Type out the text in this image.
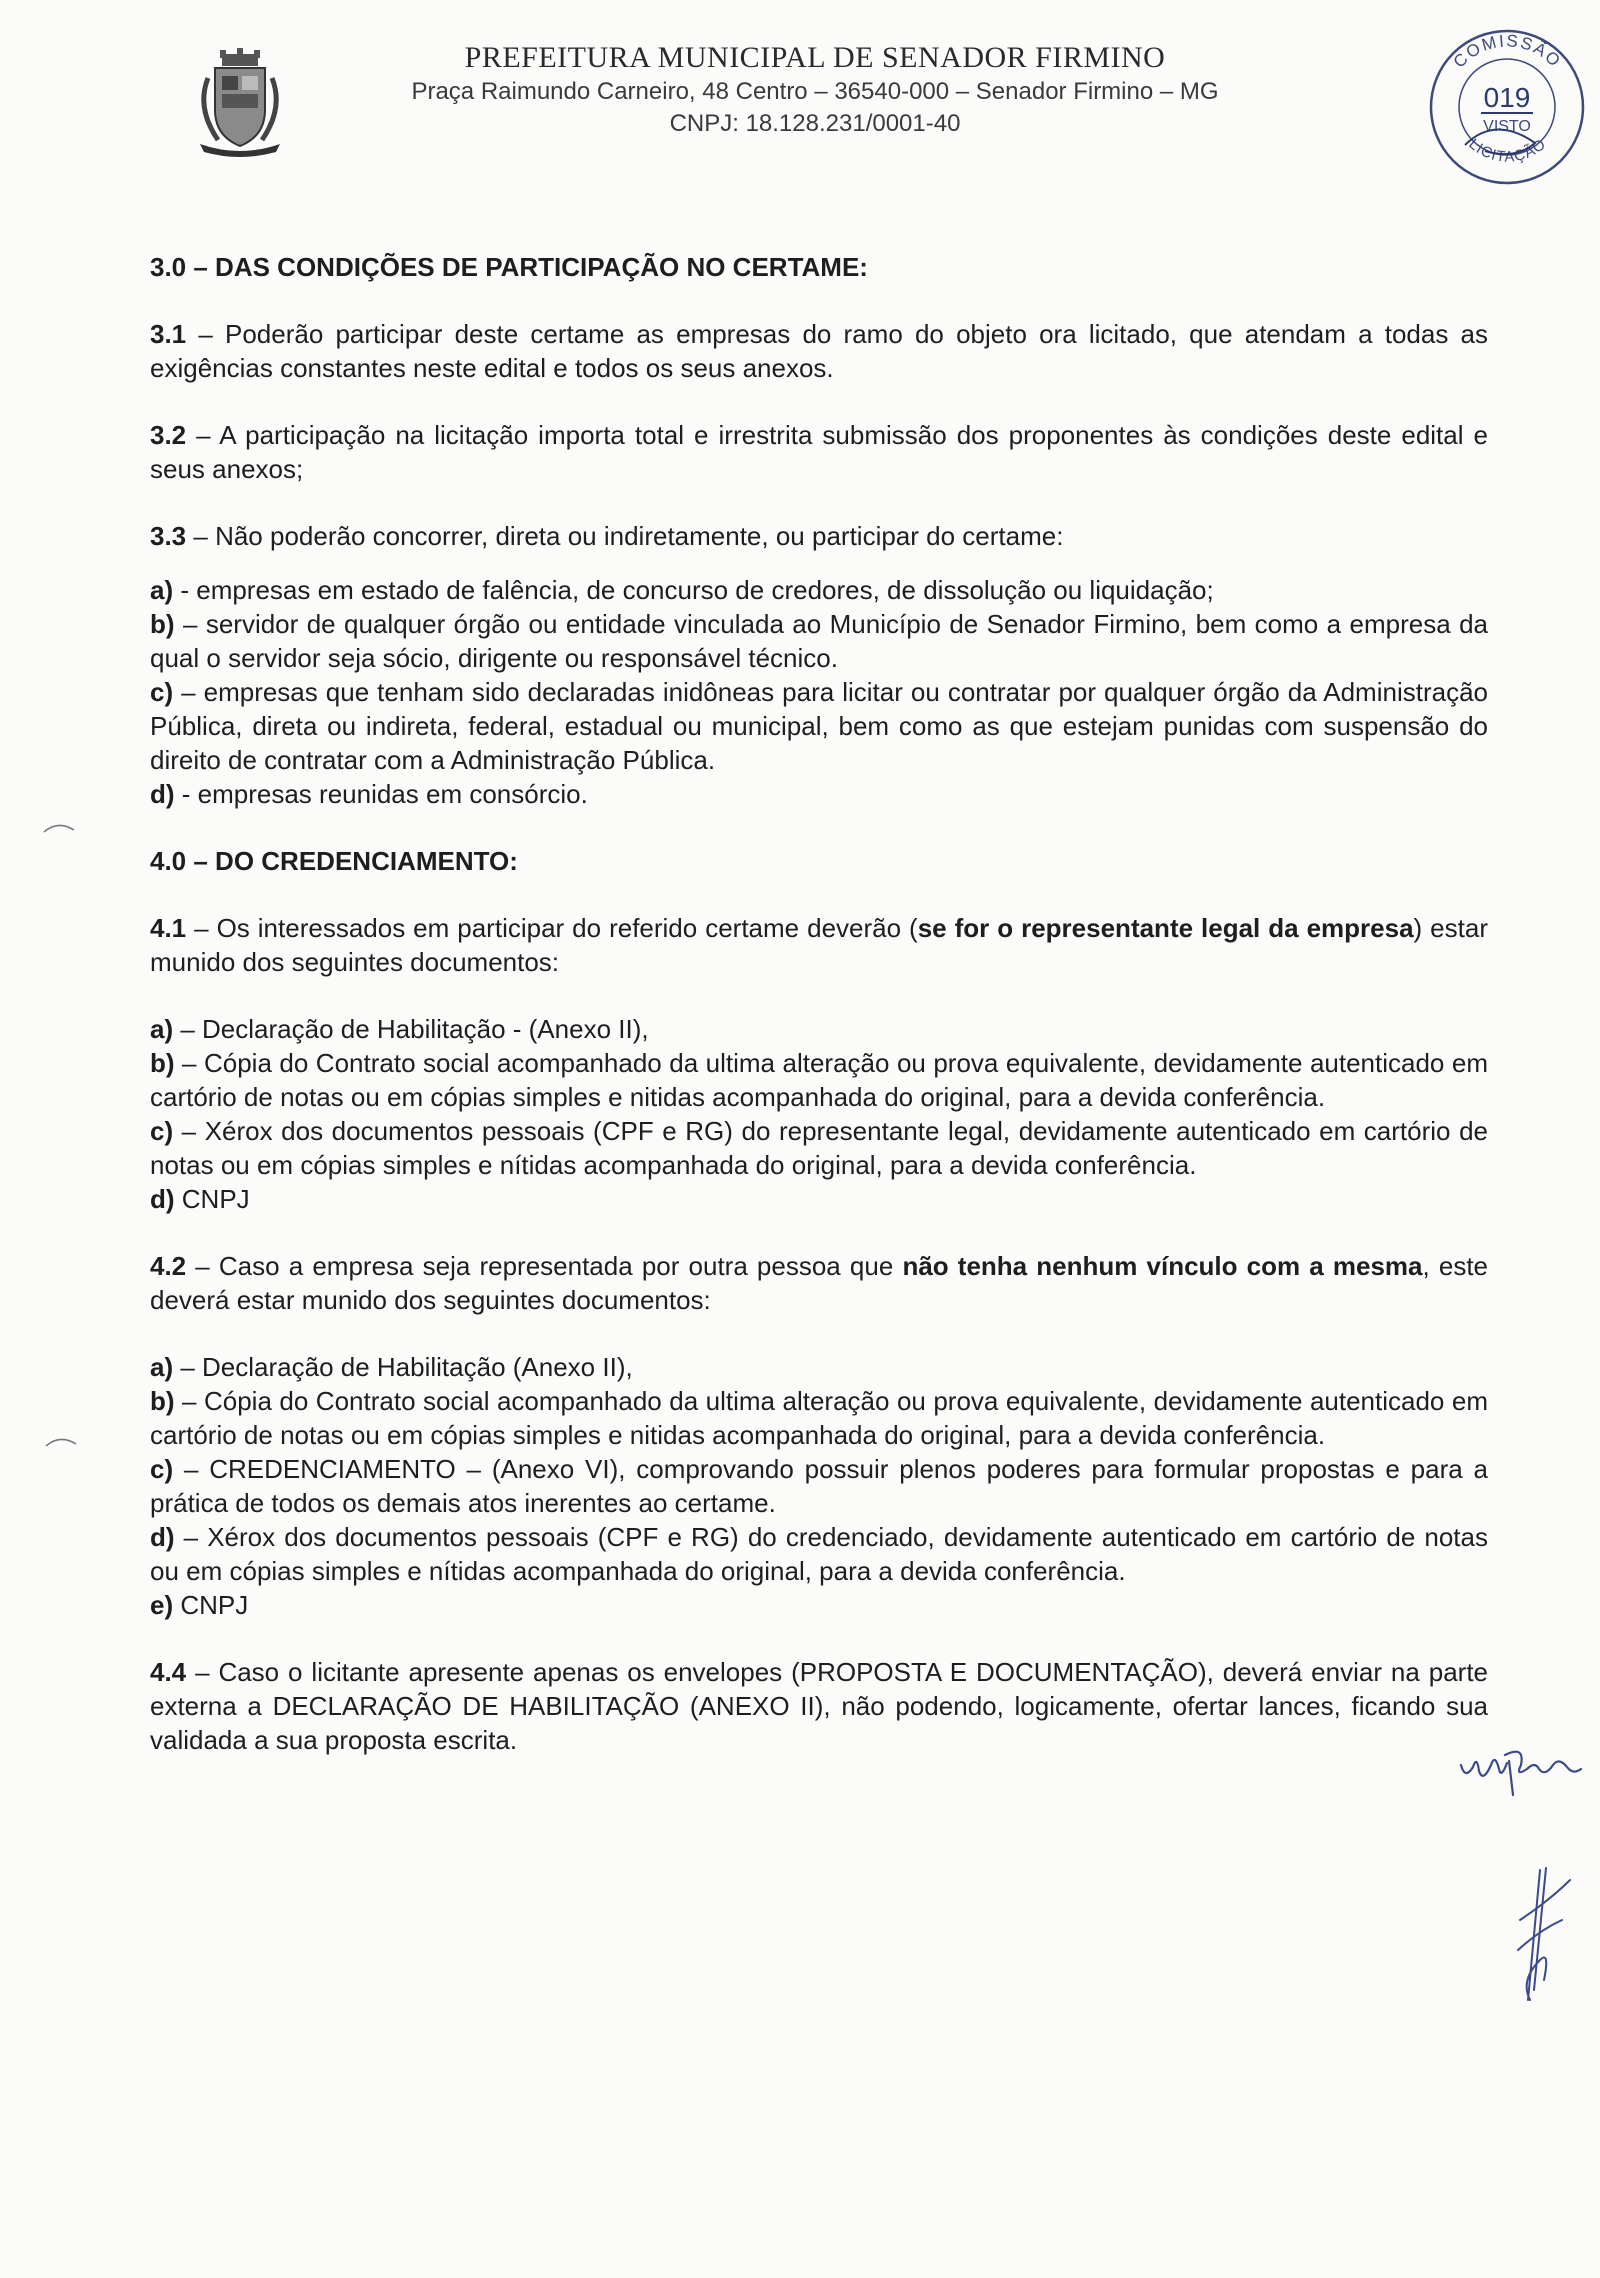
PREFEITURA MUNICIPAL DE SENADOR FIRMINO
Praça Raimundo Carneiro, 48 Centro – 36540-000 – Senador Firmino – MG
CNPJ: 18.128.231/0001-40
COMISSÃO
019
VISTO
LICITAÇÃO
3.0 – DAS CONDIÇÕES DE PARTICIPAÇÃO NO CERTAME:

3.1 – Poderão participar deste certame as empresas do ramo do objeto ora licitado, que atendam a todas as exigências constantes neste edital e todos os seus anexos.

3.2 – A participação na licitação importa total e irrestrita submissão dos proponentes às condições deste edital e seus anexos;

3.3 – Não poderão concorrer, direta ou indiretamente, ou participar do certame:

a) - empresas em estado de falência, de concurso de credores, de dissolução ou liquidação;

b) – servidor de qualquer órgão ou entidade vinculada ao Município de Senador Firmino, bem como a empresa da qual o servidor seja sócio, dirigente ou responsável técnico.

c) – empresas que tenham sido declaradas inidôneas para licitar ou contratar por qualquer órgão da Administração Pública, direta ou indireta, federal, estadual ou municipal, bem como as que estejam punidas com suspensão do direito de contratar com a Administração Pública.

d) - empresas reunidas em consórcio.

4.0 – DO CREDENCIAMENTO:

4.1 – Os interessados em participar do referido certame deverão (se for o representante legal da empresa) estar munido dos seguintes documentos:

a) – Declaração de Habilitação - (Anexo II),

b) – Cópia do Contrato social acompanhado da ultima alteração ou prova equivalente, devidamente autenticado em cartório de notas ou em cópias simples e nitidas acompanhada do original, para a devida conferência.

c) – Xérox dos documentos pessoais (CPF e RG) do representante legal, devidamente autenticado em cartório de notas ou em cópias simples e nítidas acompanhada do original, para a devida conferência.

d) CNPJ

4.2 – Caso a empresa seja representada por outra pessoa que não tenha nenhum vínculo com a mesma, este deverá estar munido dos seguintes documentos:

a) – Declaração de Habilitação (Anexo II),

b) – Cópia do Contrato social acompanhado da ultima alteração ou prova equivalente, devidamente autenticado em cartório de notas ou em cópias simples e nitidas acompanhada do original, para a devida conferência.

c) – CREDENCIAMENTO – (Anexo VI), comprovando possuir plenos poderes para formular propostas e para a prática de todos os demais atos inerentes ao certame.

d) – Xérox dos documentos pessoais (CPF e RG) do credenciado, devidamente autenticado em cartório de notas ou em cópias simples e nítidas acompanhada do original, para a devida conferência.

e) CNPJ

4.4 – Caso o licitante apresente apenas os envelopes (PROPOSTA E DOCUMENTAÇÃO), deverá enviar na parte externa a DECLARAÇÃO DE HABILITAÇÃO (ANEXO II), não podendo, logicamente, ofertar lances, ficando sua validada a sua proposta escrita.
